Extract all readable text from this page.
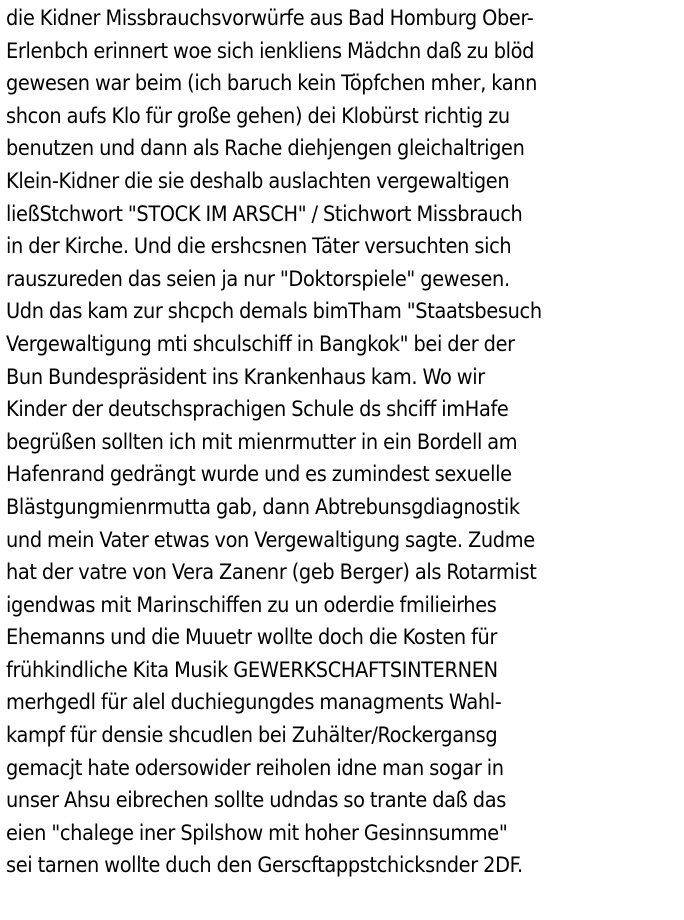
die Kidner Missbrauchsvorwürfe aus Bad Homburg Ober-
Erlenbch erinnert woe sich ienkliens Mädchn daß zu blöd
gewesen war beim (ich baruch kein Töpfchen mher, kann
shcon aufs Klo für große gehen) dei Klobürst richtig zu
benutzen und dann als Rache diehjengen gleichaltrigen
Klein-Kidner die sie deshalb auslachten vergewaltigen
ließStchwort "STOCK IM ARSCH" / Stichwort Missbrauch
in der Kirche. Und die ershcsnen Täter versuchten sich
rauszureden das seien ja nur "Doktorspiele" gewesen.
Udn das kam zur shcpch demals bimTham "Staatsbesuch
Vergewaltigung mti shculschiff in Bangkok" bei der der
Bun Bundespräsident ins Krankenhaus kam. Wo wir
Kinder der deutschsprachigen Schule ds shciff imHafe
begrüßen sollten ich mit mienrmutter in ein Bordell am
Hafenrand gedrängt wurde und es zumindest sexuelle
Blästgungmienrmutta gab, dann Abtrebunsgdiagnostik
und mein Vater etwas von Vergewaltigung sagte. Zudme
hat der vatre von Vera Zanenr (geb Berger) als Rotarmist
igendwas mit Marinschiffen zu un oderdie fmilieirhes
Ehemanns und die Muuetr wollte doch die Kosten für
frühkindliche Kita Musik GEWERKSCHAFTSINTERNEN
merhgedl für alel duchiegungdes managments Wahl-
kampf für densie shcudlen bei Zuhälter/Rockergansg
gemacjt hate odersowider reiholen idne man sogar in
unser Ahsu eibrechen sollte udndas so trante daß das
eien "chalege iner Spilshow mit hoher Gesinnsumme"
sei tarnen wollte duch den Gerscftappstchicksnder 2DF.
